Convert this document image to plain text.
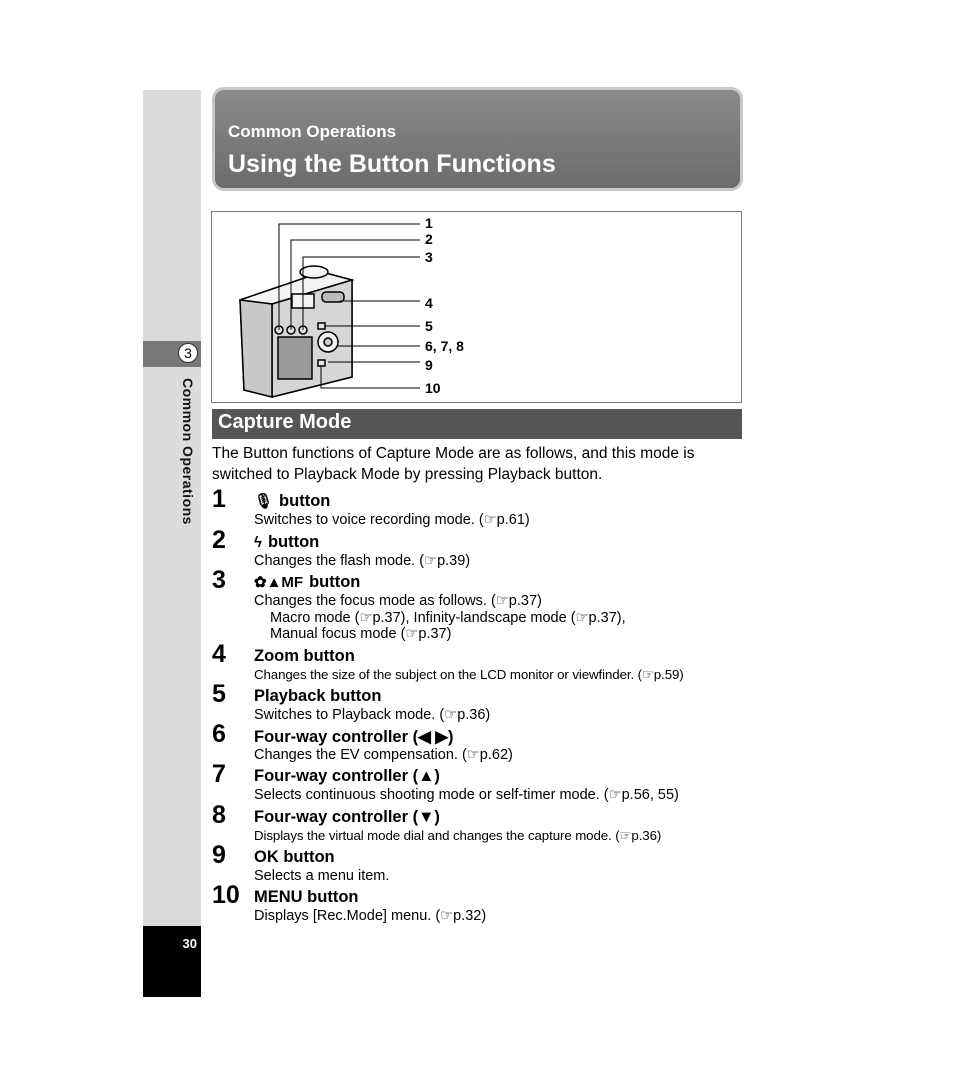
3
Common Operations
30
Common Operations
Using the Button Functions
1
2
3
4
5
6, 7, 8
9
10
Capture Mode
The Button functions of Capture Mode are as follows, and this mode is switched to Playback Mode by pressing Playback button.
1 🎙 button
Switches to voice recording mode. (☞p.61)
2 ϟ button
Changes the flash mode. (☞p.39)
3 ✿▲MF button
Changes the focus mode as follows. (☞p.37)
Macro mode (☞p.37), Infinity-landscape mode (☞p.37),
Manual focus mode (☞p.37)
4 Zoom button
Changes the size of the subject on the LCD monitor or viewfinder. (☞p.59)
5 Playback button
Switches to Playback mode. (☞p.36)
6 Four-way controller (◀ ▶)
Changes the EV compensation. (☞p.62)
7 Four-way controller (▲)
Selects continuous shooting mode or self-timer mode. (☞p.56, 55)
8 Four-way controller (▼)
Displays the virtual mode dial and changes the capture mode. (☞p.36)
9 OK button
Selects a menu item.
10 MENU button
Displays [Rec.Mode] menu. (☞p.32)
